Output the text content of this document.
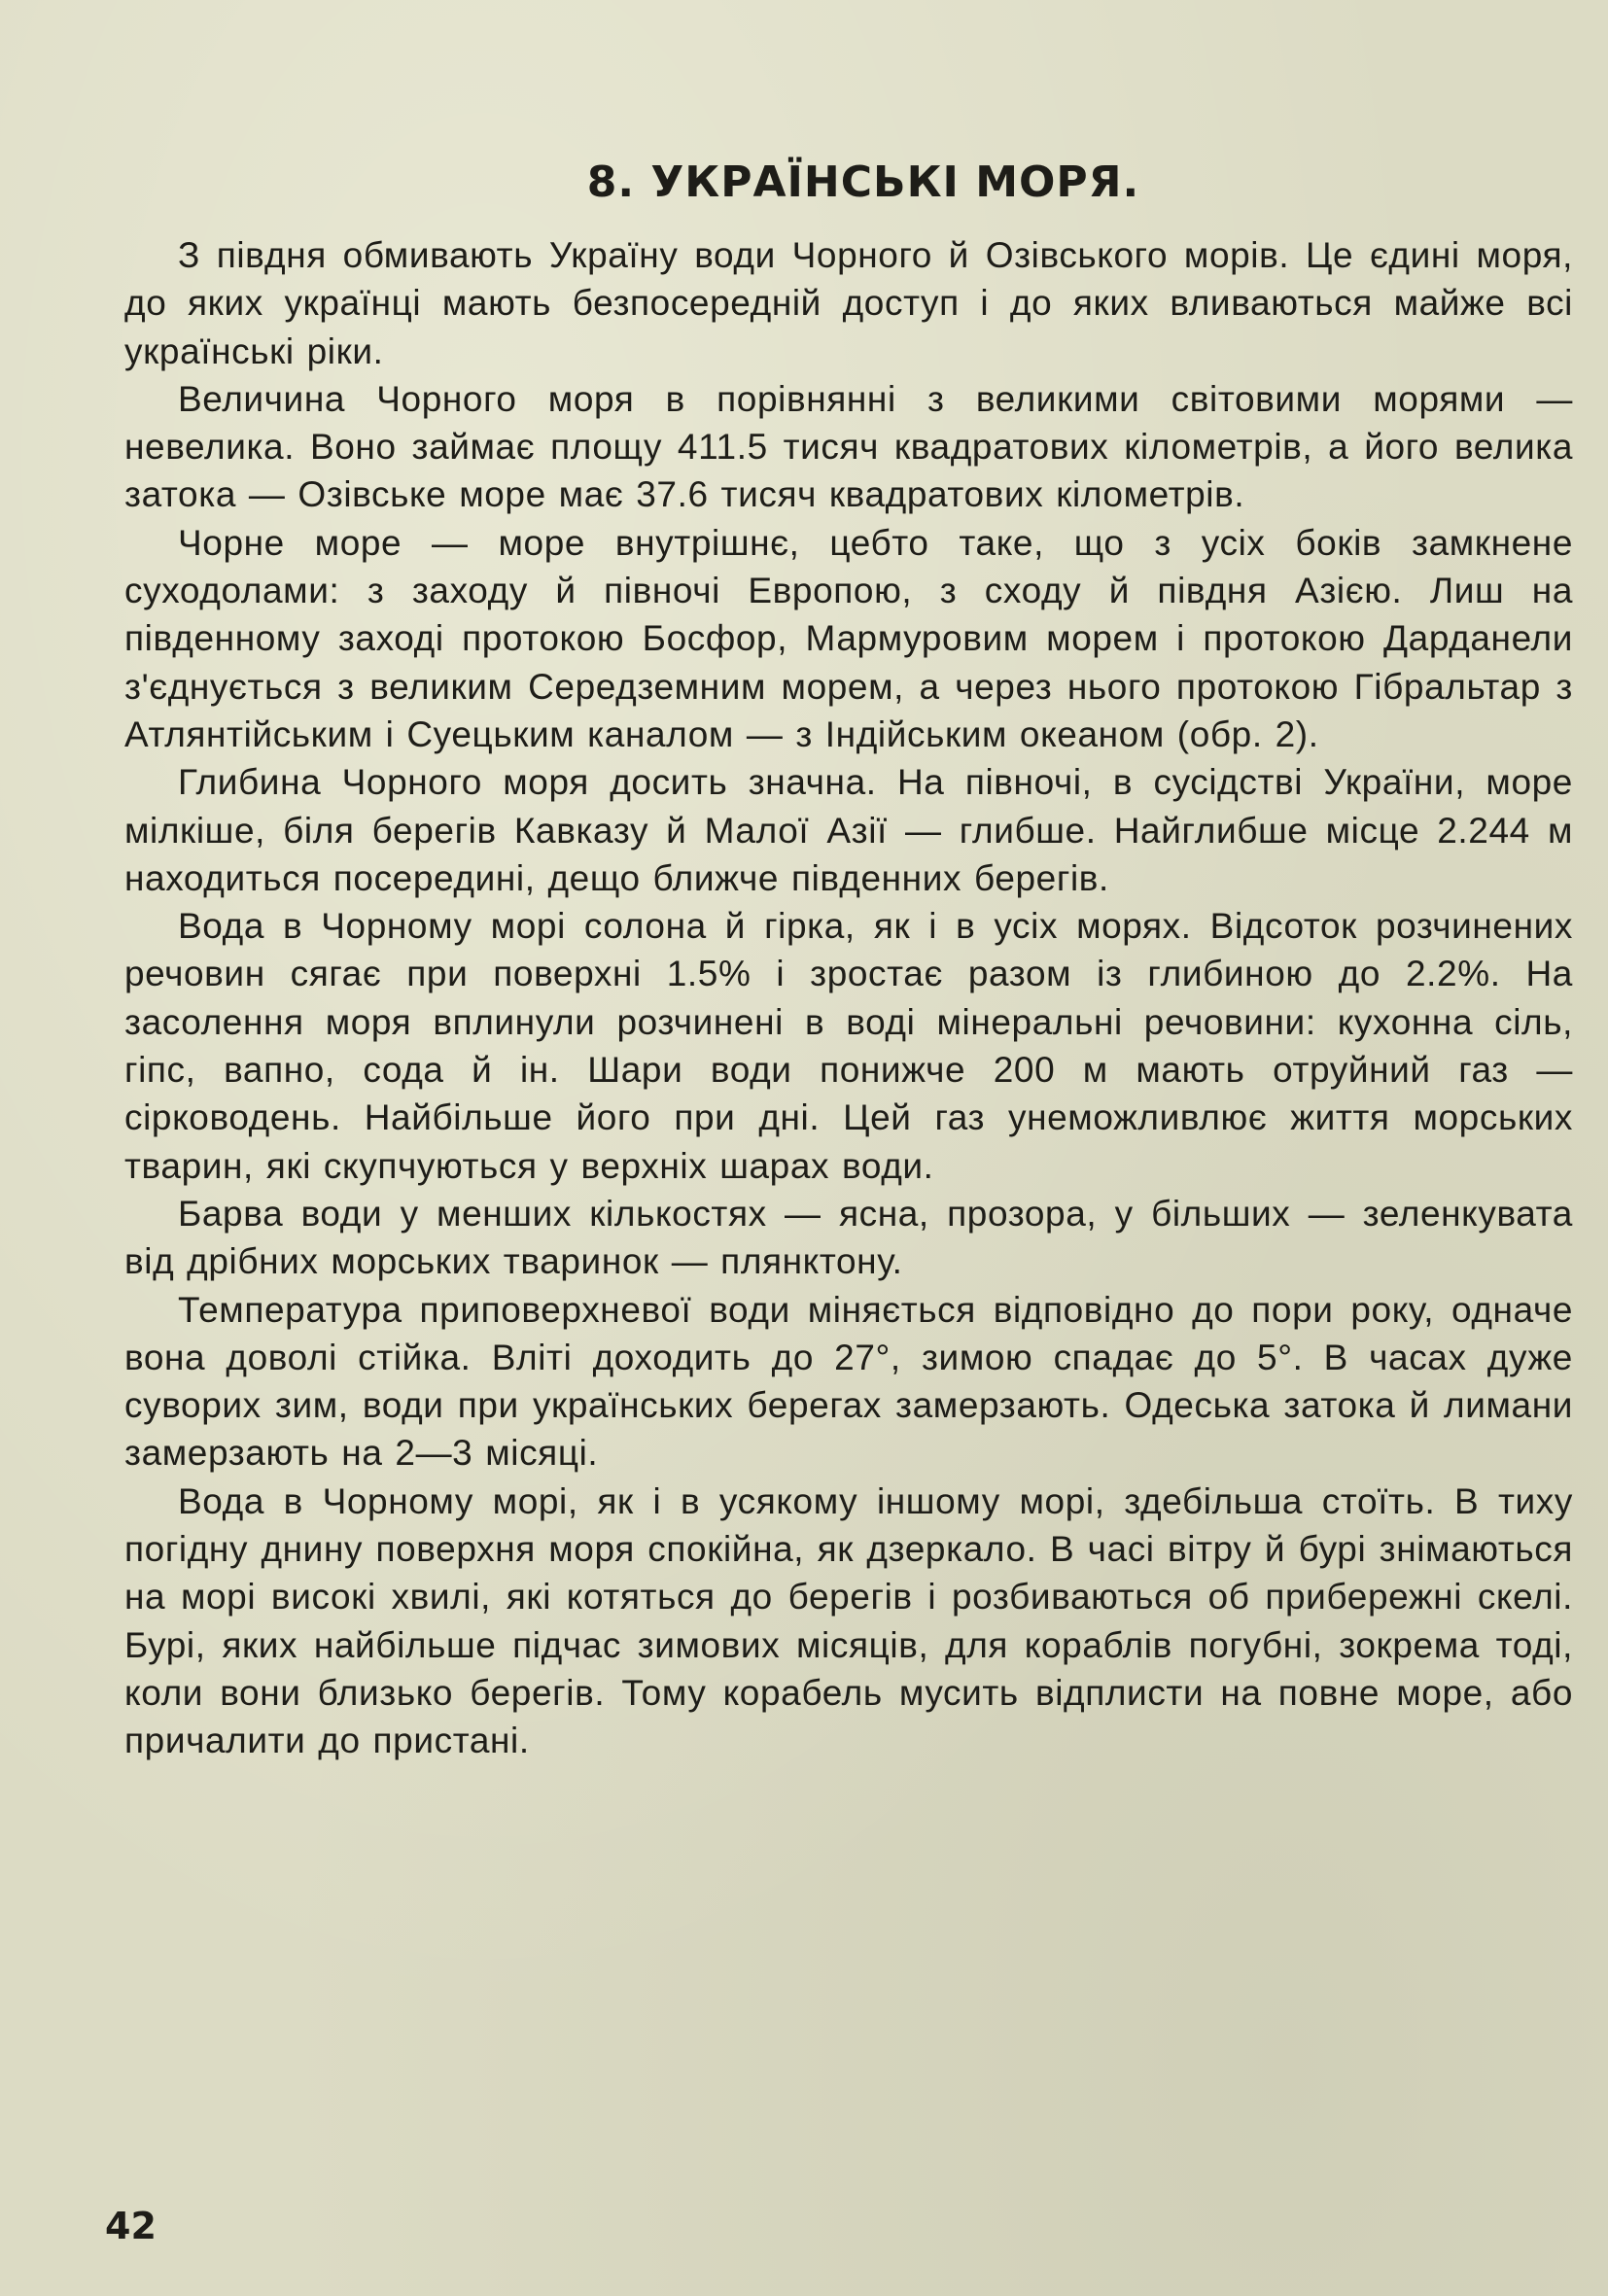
8. УКРАЇНСЬКІ МОРЯ.

З півдня обмивають Україну води Чорного й Озівського морів. Це єдині моря, до яких українці мають безпосередній доступ і до яких вливаються майже всі українські ріки.

Величина Чорного моря в порівнянні з великими світовими морями — невелика. Воно займає площу 411.5 тисяч квадратових кілометрів, а його велика затока — Озівське море має 37.6 тисяч квадратових кілометрів.

Чорне море — море внутрішнє, цебто таке, що з усіх боків замкнене суходолами: з заходу й півночі Европою, з сходу й півдня Азією. Лиш на південному заході протокою Босфор, Мармуровим морем і протокою Дарданели з'єднується з великим Середземним морем, а через нього протокою Гібральтар з Атлянтійським і Суецьким каналом — з Індійським океаном (обр. 2).

Глибина Чорного моря досить значна. На півночі, в сусідстві України, море мілкіше, біля берегів Кавказу й Малої Азії — глибше. Найглибше місце 2.244 м находиться посередині, дещо ближче південних берегів.

Вода в Чорному морі солона й гірка, як і в усіх морях. Відсоток розчинених речовин сягає при поверхні 1.5% і зростає разом із глибиною до 2.2%. На засолення моря вплинули розчинені в воді мінеральні речовини: кухонна сіль, гіпс, вапно, сода й ін. Шари води понижче 200 м мають отруйний газ — сірководень. Найбільше його при дні. Цей газ унеможливлює життя морських тварин, які скупчуються у верхніх шарах води.

Барва води у менших кількостях — ясна, прозора, у більших — зеленкувата від дрібних морських тваринок — плянктону.

Температура приповерхневої води міняється відповідно до пори року, одначе вона доволі стійка. Вліті доходить до 27°, зимою спадає до 5°. В часах дуже суворих зим, води при українських берегах замерзають. Одеська затока й лимани замерзають на 2—3 місяці.

Вода в Чорному морі, як і в усякому іншому морі, здебільша стоїть. В тиху погідну днину поверхня моря спокійна, як дзеркало. В часі вітру й бурі знімаються на морі високі хвилі, які котяться до берегів і розбиваються об прибережні скелі. Бурі, яких найбільше підчас зимових місяців, для кораблів погубні, зокрема тоді, коли вони близько берегів. Тому корабель мусить відплисти на повне море, або причалити до пристані.

42
